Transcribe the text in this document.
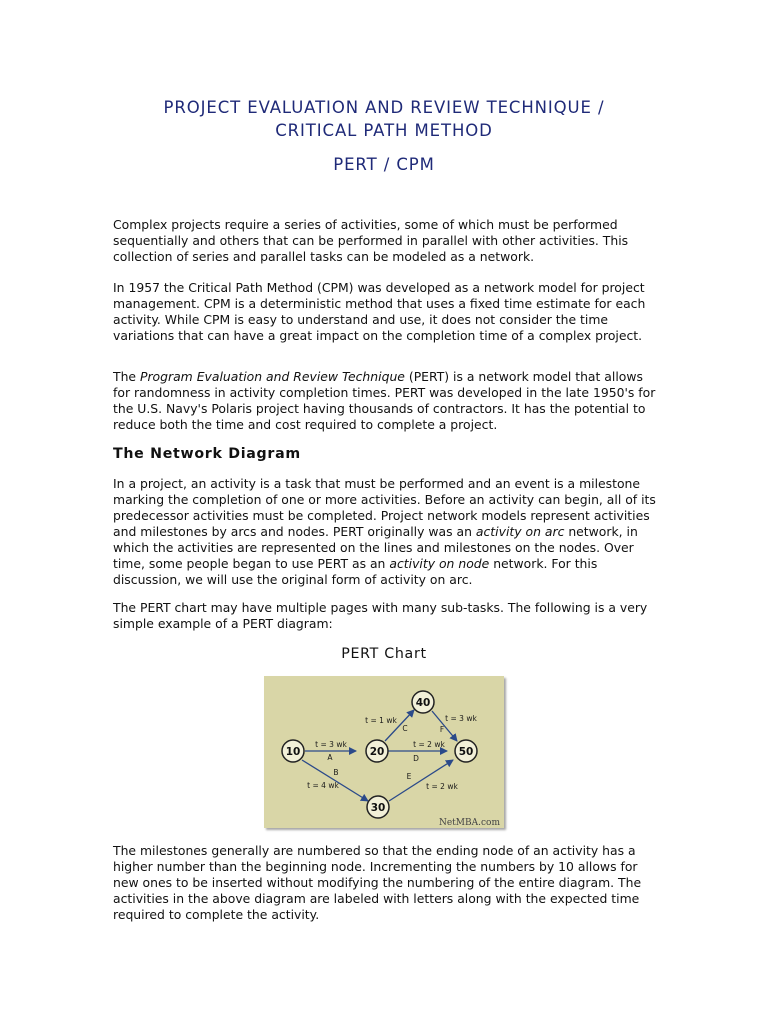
PROJECT EVALUATION AND REVIEW TECHNIQUE /
CRITICAL PATH METHOD
PERT / CPM

Complex projects require a series of activities, some of which must be performed sequentially and others that can be performed in parallel with other activities. This collection of series and parallel tasks can be modeled as a network.

In 1957 the Critical Path Method (CPM) was developed as a network model for project management. CPM is a deterministic method that uses a fixed time estimate for each activity. While CPM is easy to understand and use, it does not consider the time variations that can have a great impact on the completion time of a complex project.

The Program Evaluation and Review Technique (PERT) is a network model that allows for randomness in activity completion times. PERT was developed in the late 1950's for the U.S. Navy's Polaris project having thousands of contractors. It has the potential to reduce both the time and cost required to complete a project.

The Network Diagram

In a project, an activity is a task that must be performed and an event is a milestone marking the completion of one or more activities. Before an activity can begin, all of its predecessor activities must be completed. Project network models represent activities and milestones by arcs and nodes. PERT originally was an activity on arc network, in which the activities are represented on the lines and milestones on the nodes. Over time, some people began to use PERT as an activity on node network. For this discussion, we will use the original form of activity on arc.

The PERT chart may have multiple pages with many sub-tasks. The following is a very simple example of a PERT diagram:

PERT Chart
10	20
30
40
50
t = 3 wk
A
t = 4 wk
B
t = 1 wk
C
t = 2 wk
D
t = 2 wk
E
t = 3 wk
F
NetMBA.com

The milestones generally are numbered so that the ending node of an activity has a higher number than the beginning node. Incrementing the numbers by 10 allows for new ones to be inserted without modifying the numbering of the entire diagram. The activities in the above diagram are labeled with letters along with the expected time required to complete the activity.
